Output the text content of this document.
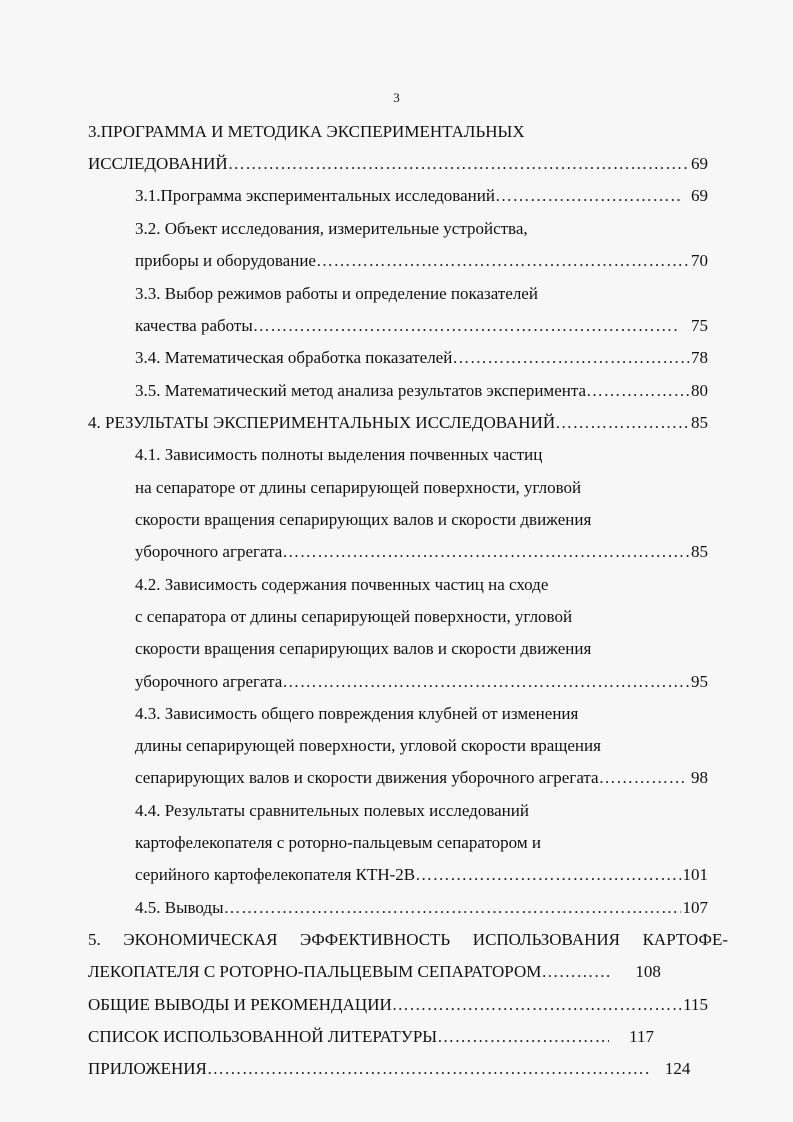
3
3.ПРОГРАММА И МЕТОДИКА ЭКСПЕРИМЕНТАЛЬНЫХ
ИССЛЕДОВАНИЙ ………………………………………………………………………………………………………………………………………………………………	69
3.1.Программа экспериментальных исследований ………………………………………………………………………………………………………………………………………………………………	69
3.2. Объект исследования, измерительные устройства,
приборы и оборудование ………………………………………………………………………………………………………………………………………………………………	70
3.3. Выбор режимов работы и определение показателей
качества работы ………………………………………………………………………………………………………………………………………………………………	75
3.4. Математическая обработка показателей ………………………………………………………………………………………………………………………………………………………………	78
3.5. Математический метод анализа результатов эксперимента ………………………………………………………………………………………………………………………………………………………………	80
4. РЕЗУЛЬТАТЫ ЭКСПЕРИМЕНТАЛЬНЫХ ИССЛЕДОВАНИЙ ………………………………………………………………………………………………………………………………………………………………	85
4.1. Зависимость полноты выделения почвенных частиц
на сепараторе от длины сепарирующей поверхности, угловой
скорости вращения сепарирующих валов и скорости движения
уборочного агрегата ………………………………………………………………………………………………………………………………………………………………	85
4.2. Зависимость содержания почвенных частиц на сходе
с сепаратора от длины сепарирующей поверхности, угловой
скорости вращения сепарирующих валов и скорости движения
уборочного агрегата ………………………………………………………………………………………………………………………………………………………………	95
4.3. Зависимость общего повреждения клубней от изменения
длины сепарирующей поверхности, угловой скорости вращения
сепарирующих валов и скорости движения уборочного агрегата ………………………………………………………………………………………………………………………………………………………………	98
4.4. Результаты сравнительных полевых исследований
картофелекопателя с роторно-пальцевым сепаратором и
серийного картофелекопателя КТН-2В ………………………………………………………………………………………………………………………………………………………………	101
4.5. Выводы ………………………………………………………………………………………………………………………………………………………………	107
5. ЭКОНОМИЧЕСКАЯ ЭФФЕКТИВНОСТЬ ИСПОЛЬЗОВАНИЯ КАРТОФЕ-
ЛЕКОПАТЕЛЯ С РОТОРНО-ПАЛЬЦЕВЫМ СЕПАРАТОРОМ ………………………………………………………………………………………………………………………………………………………………	108
ОБЩИЕ ВЫВОДЫ И РЕКОМЕНДАЦИИ ………………………………………………………………………………………………………………………………………………………………	115
СПИСОК ИСПОЛЬЗОВАННОЙ ЛИТЕРАТУРЫ ………………………………………………………………………………………………………………………………………………………………	117
ПРИЛОЖЕНИЯ ………………………………………………………………………………………………………………………………………………………………	124
